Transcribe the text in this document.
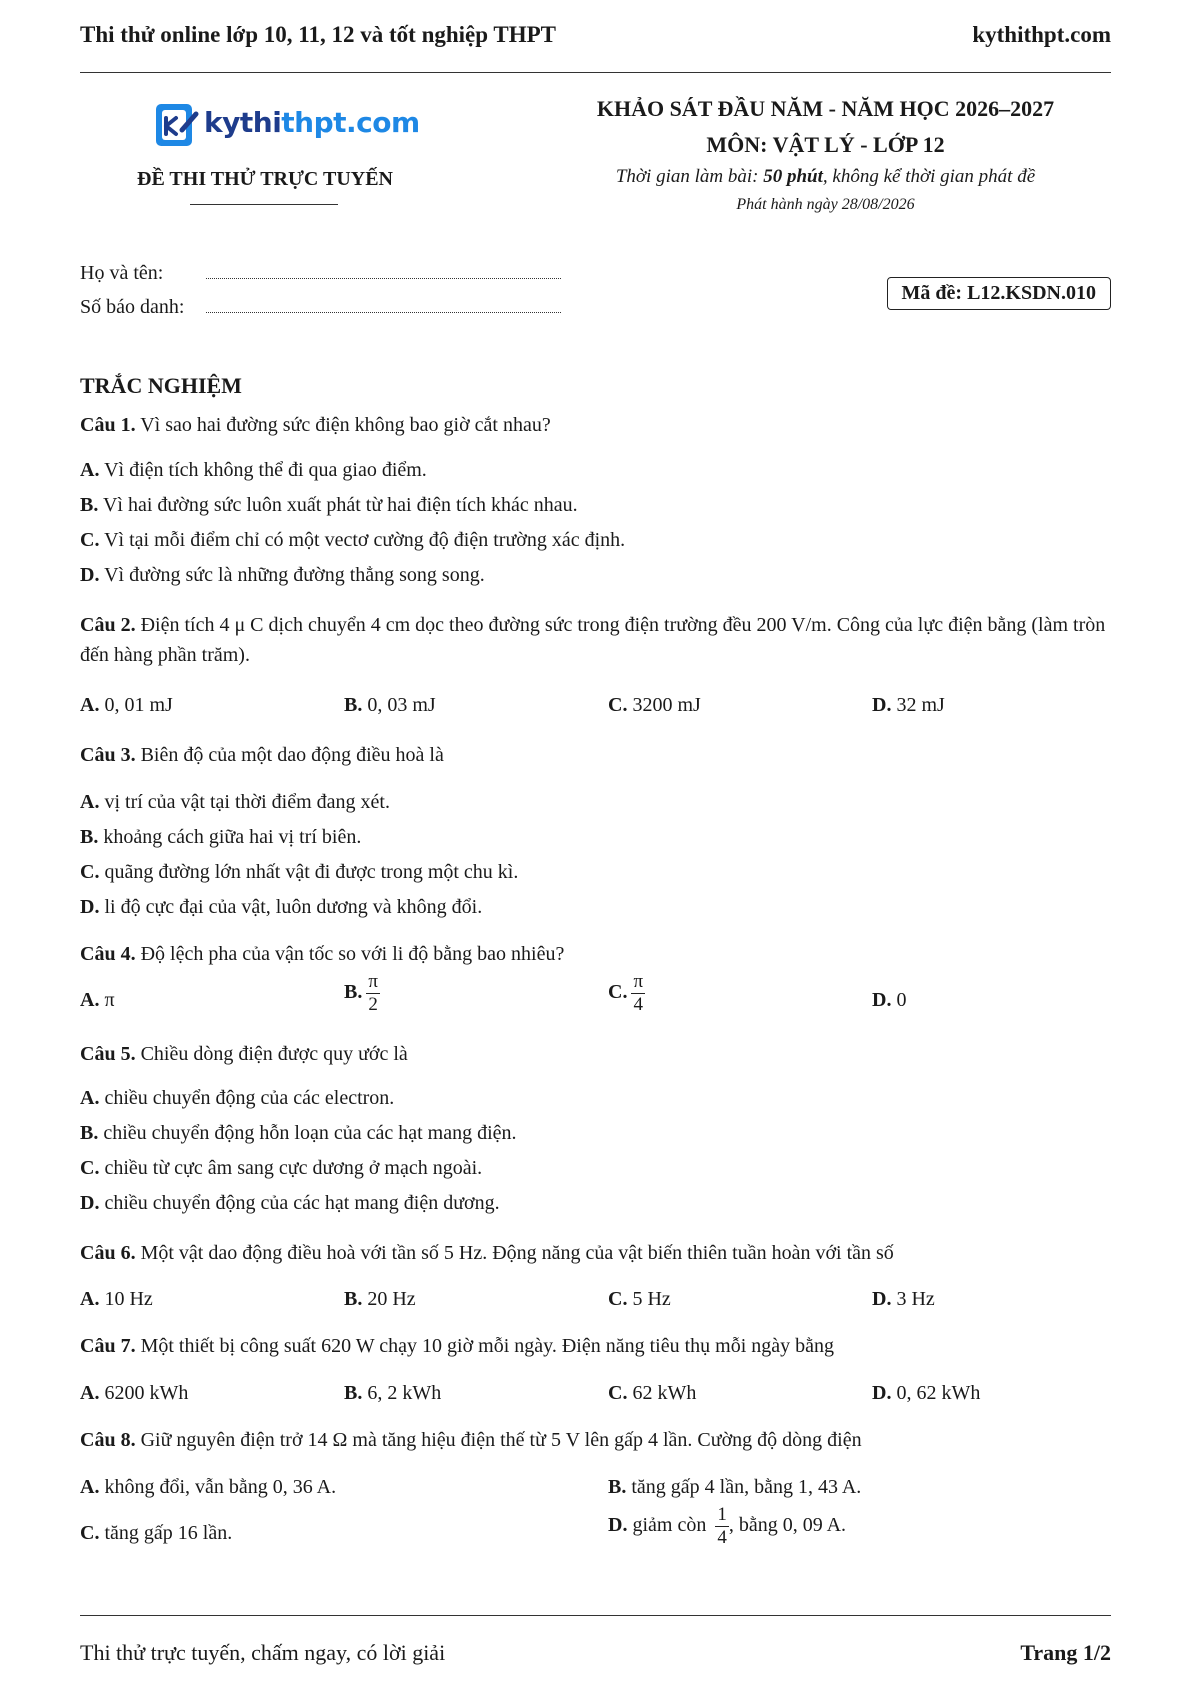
Thi thử online lớp 10, 11, 12 và tốt nghiệp THPT	kythithpt.com
kythithpt.com
ĐỀ THI THỬ TRỰC TUYẾN
KHẢO SÁT ĐẦU NĂM - NĂM HỌC 2026–2027
MÔN: VẬT LÝ - LỚP 12
Thời gian làm bài: 50 phút, không kể thời gian phát đề
Phát hành ngày 28/08/2026
Họ và tên:
Số báo danh:
Mã đề: L12.KSDN.010
TRẮC NGHIỆM
Câu 1. Vì sao hai đường sức điện không bao giờ cắt nhau?
A. Vì điện tích không thể đi qua giao điểm.
B. Vì hai đường sức luôn xuất phát từ hai điện tích khác nhau.
C. Vì tại mỗi điểm chỉ có một vectơ cường độ điện trường xác định.
D. Vì đường sức là những đường thẳng song song.
Câu 2. Điện tích 4 μ C dịch chuyển 4 cm dọc theo đường sức trong điện trường đều 200 V/m. Công của lực điện bằng (làm tròn đến hàng phần trăm).
A. 0, 01 mJ	B. 0, 03 mJ	C. 3200 mJ	D. 32 mJ
Câu 3. Biên độ của một dao động điều hoà là
A. vị trí của vật tại thời điểm đang xét.
B. khoảng cách giữa hai vị trí biên.
C. quãng đường lớn nhất vật đi được trong một chu kì.
D. li độ cực đại của vật, luôn dương và không đổi.
Câu 4. Độ lệch pha của vận tốc so với li độ bằng bao nhiêu?
A. π	B. $\frac{\pi}{2}$	C. $\frac{\pi}{4}$	D. 0
Câu 5. Chiều dòng điện được quy ước là
A. chiều chuyển động của các electron.
B. chiều chuyển động hỗn loạn của các hạt mang điện.
C. chiều từ cực âm sang cực dương ở mạch ngoài.
D. chiều chuyển động của các hạt mang điện dương.
Câu 6. Một vật dao động điều hoà với tần số 5 Hz. Động năng của vật biến thiên tuần hoàn với tần số
A. 10 Hz	B. 20 Hz	C. 5 Hz	D. 3 Hz
Câu 7. Một thiết bị công suất 620 W chạy 10 giờ mỗi ngày. Điện năng tiêu thụ mỗi ngày bằng
A. 6200 kWh	B. 6, 2 kWh	C. 62 kWh	D. 0, 62 kWh
Câu 8. Giữ nguyên điện trở 14 Ω mà tăng hiệu điện thế từ 5 V lên gấp 4 lần. Cường độ dòng điện
A. không đổi, vẫn bằng 0, 36 A.	B. tăng gấp 4 lần, bằng 1, 43 A.
C. tăng gấp 16 lần.	D. giảm còn $\frac{1}{4}$ , bằng 0, 09 A.
Thi thử trực tuyến, chấm ngay, có lời giải	Trang 1/2
